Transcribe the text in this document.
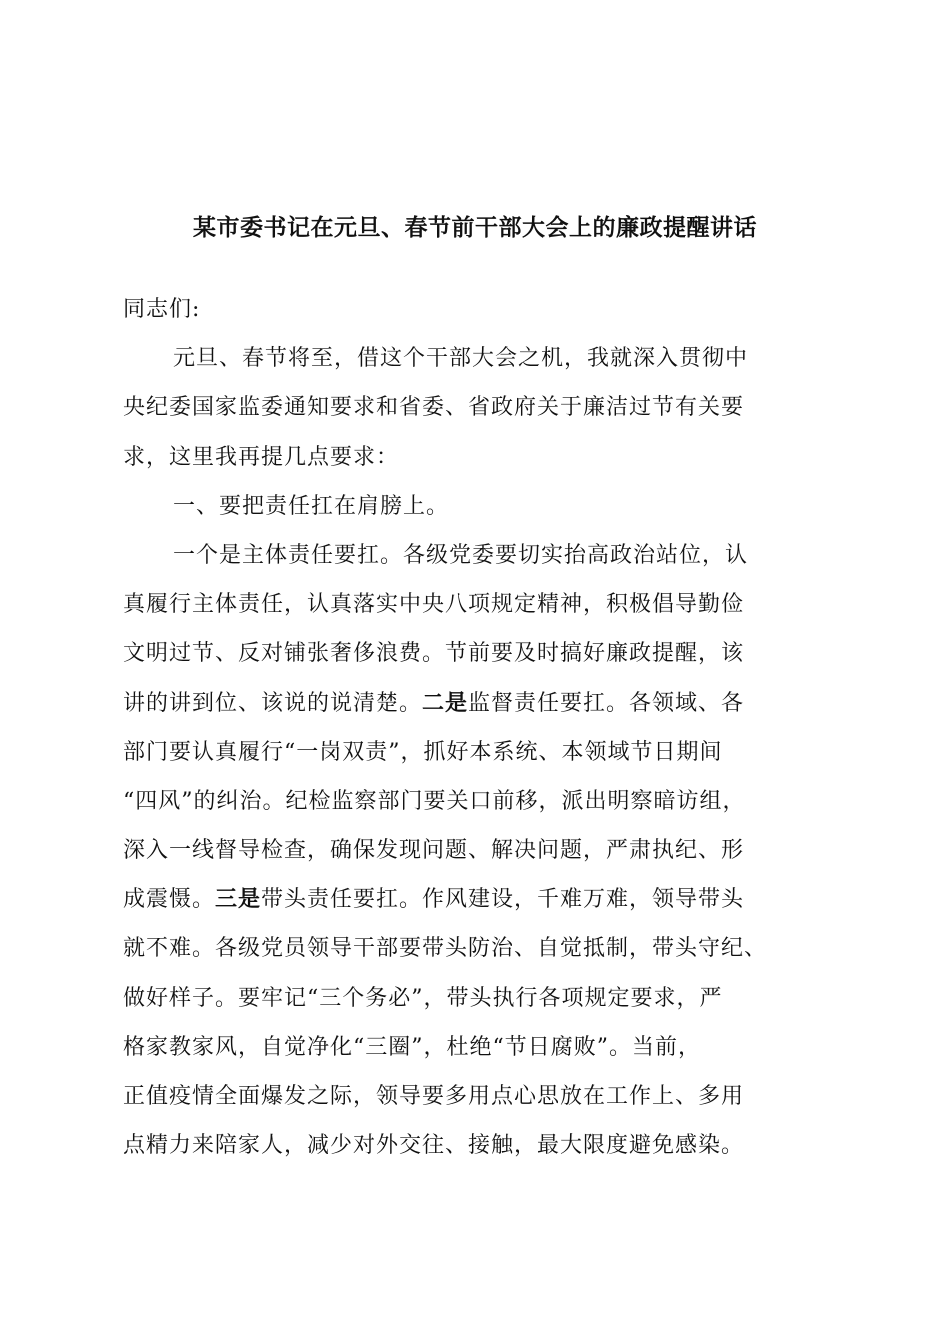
某市委书记在元旦、春节前干部大会上的廉政提醒讲话
同志们:
元旦、春节将至，借这个干部大会之机，我就深入贯彻中
央纪委国家监委通知要求和省委、省政府关于廉洁过节有关要
求，这里我再提几点要求：
一、要把责任扛在肩膀上。
一个是主体责任要扛。各级党委要切实抬高政治站位，认
真履行主体责任，认真落实中央八项规定精神，积极倡导勤俭
文明过节、反对铺张奢侈浪费。节前要及时搞好廉政提醒，该
讲的讲到位、该说的说清楚。二是监督责任要扛。各领域、各
部门要认真履行“一岗双责”，抓好本系统、本领域节日期间
“四风”的纠治。纪检监察部门要关口前移，派出明察暗访组，
深入一线督导检查，确保发现问题、解决问题，严肃执纪、形
成震慑。三是带头责任要扛。作风建设，千难万难，领导带头
就不难。各级党员领导干部要带头防治、自觉抵制，带头守纪、
做好样子。要牢记“三个务必”，带头执行各项规定要求，严
格家教家风，自觉净化“三圈”，杜绝“节日腐败”。当前，
正值疫情全面爆发之际，领导要多用点心思放在工作上、多用
点精力来陪家人，减少对外交往、接触，最大限度避免感染。
